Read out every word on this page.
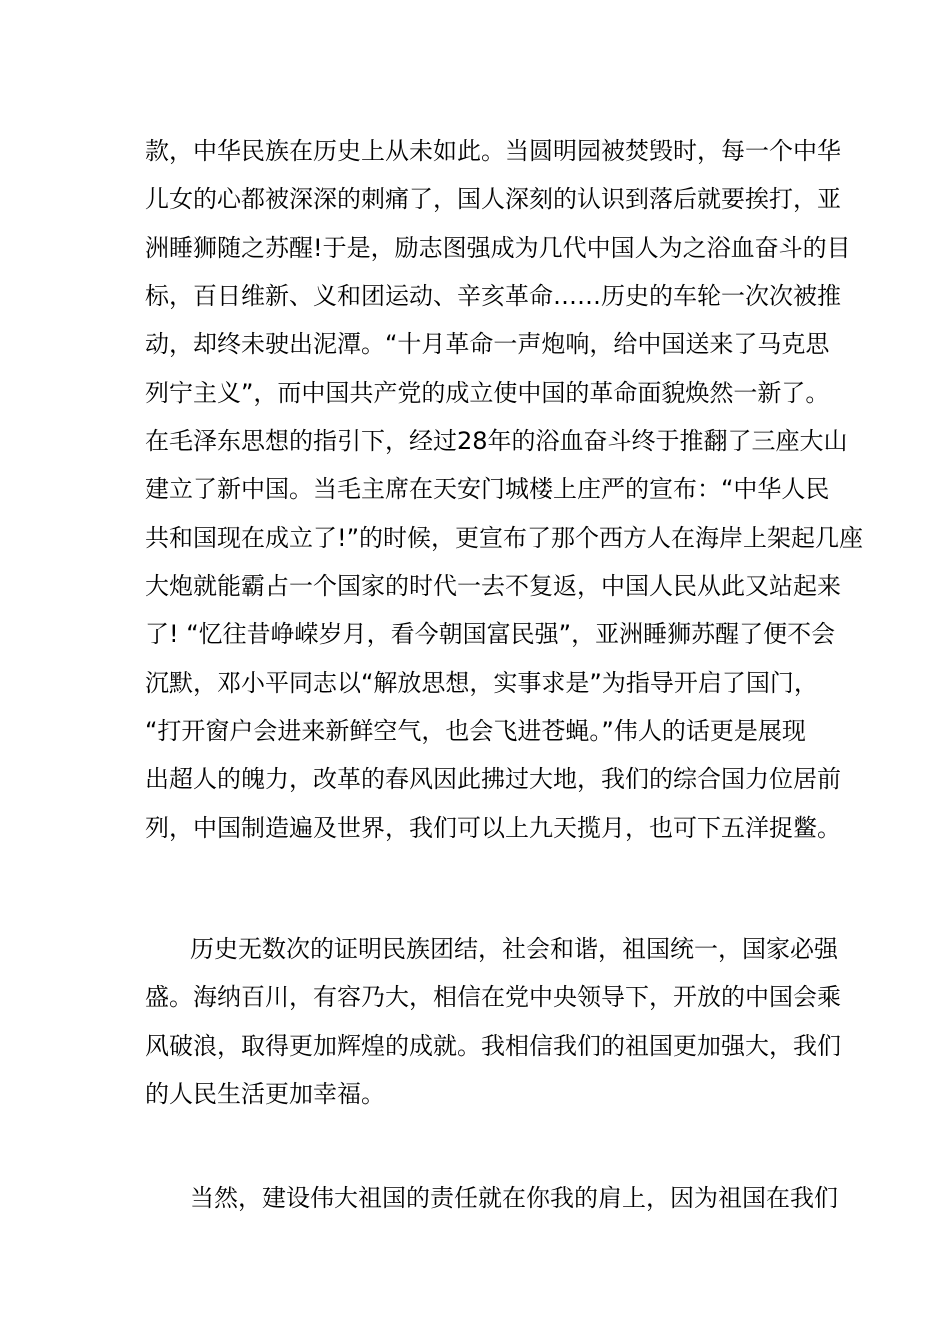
款，中华民族在历史上从未如此。当圆明园被焚毁时，每一个中华

儿女的心都被深深的刺痛了，国人深刻的认识到落后就要挨打，亚

洲睡狮随之苏醒!于是，励志图强成为几代中国人为之浴血奋斗的目

标，百日维新、义和团运动、辛亥革命……历史的车轮一次次被推

动，却终未驶出泥潭。“十月革命一声炮响，给中国送来了马克思

列宁主义”，而中国共产党的成立使中国的革命面貌焕然一新了。

在毛泽东思想的指引下，经过28年的浴血奋斗终于推翻了三座大山

建立了新中国。当毛主席在天安门城楼上庄严的宣布：“中华人民

共和国现在成立了!”的时候，更宣布了那个西方人在海岸上架起几座

大炮就能霸占一个国家的时代一去不复返，中国人民从此又站起来

了! “忆往昔峥嵘岁月，看今朝国富民强”，亚洲睡狮苏醒了便不会

沉默，邓小平同志以“解放思想，实事求是”为指导开启了国门，

“打开窗户会进来新鲜空气，也会飞进苍蝇。”伟人的话更是展现

出超人的魄力，改革的春风因此拂过大地，我们的综合国力位居前

列，中国制造遍及世界，我们可以上九天揽月，也可下五洋捉鳖。

历史无数次的证明民族团结，社会和谐，祖国统一，国家必强

盛。海纳百川，有容乃大，相信在党中央领导下，开放的中国会乘

风破浪，取得更加辉煌的成就。我相信我们的祖国更加强大，我们

的人民生活更加幸福。

当然，建设伟大祖国的责任就在你我的肩上，因为祖国在我们
